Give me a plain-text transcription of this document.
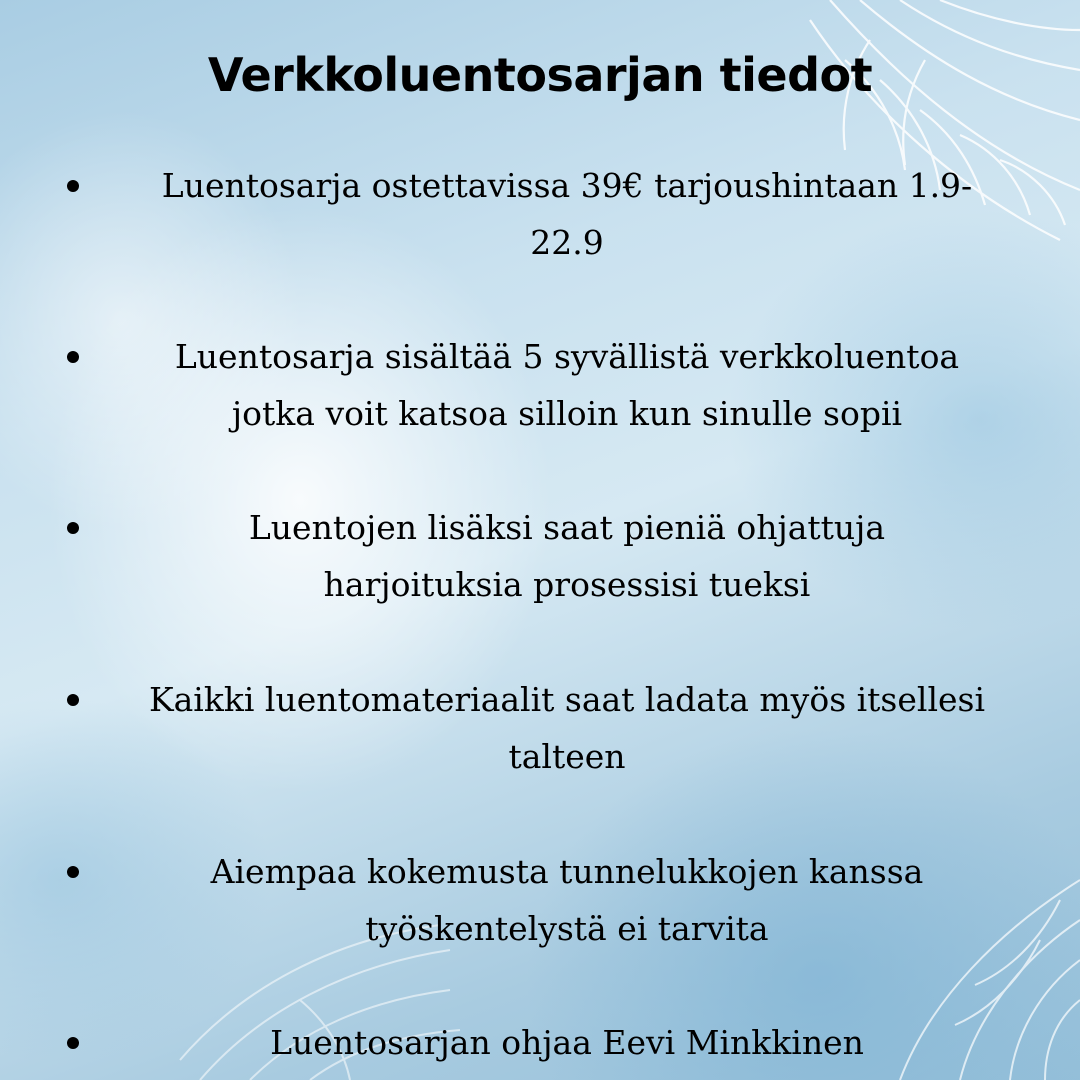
Verkkoluentosarjan tiedot
Luentosarja ostettavissa 39€ tarjoushintaan 1.9-
22.9
Luentosarja sisältää 5 syvällistä verkkoluentoa
jotka voit katsoa silloin kun sinulle sopii
Luentojen lisäksi saat pieniä ohjattuja
harjoituksia prosessisi tueksi
Kaikki luentomateriaalit saat ladata myös itsellesi
talteen
Aiempaa kokemusta tunnelukkojen kanssa
työskentelystä ei tarvita
Luentosarjan ohjaa Eevi Minkkinen
